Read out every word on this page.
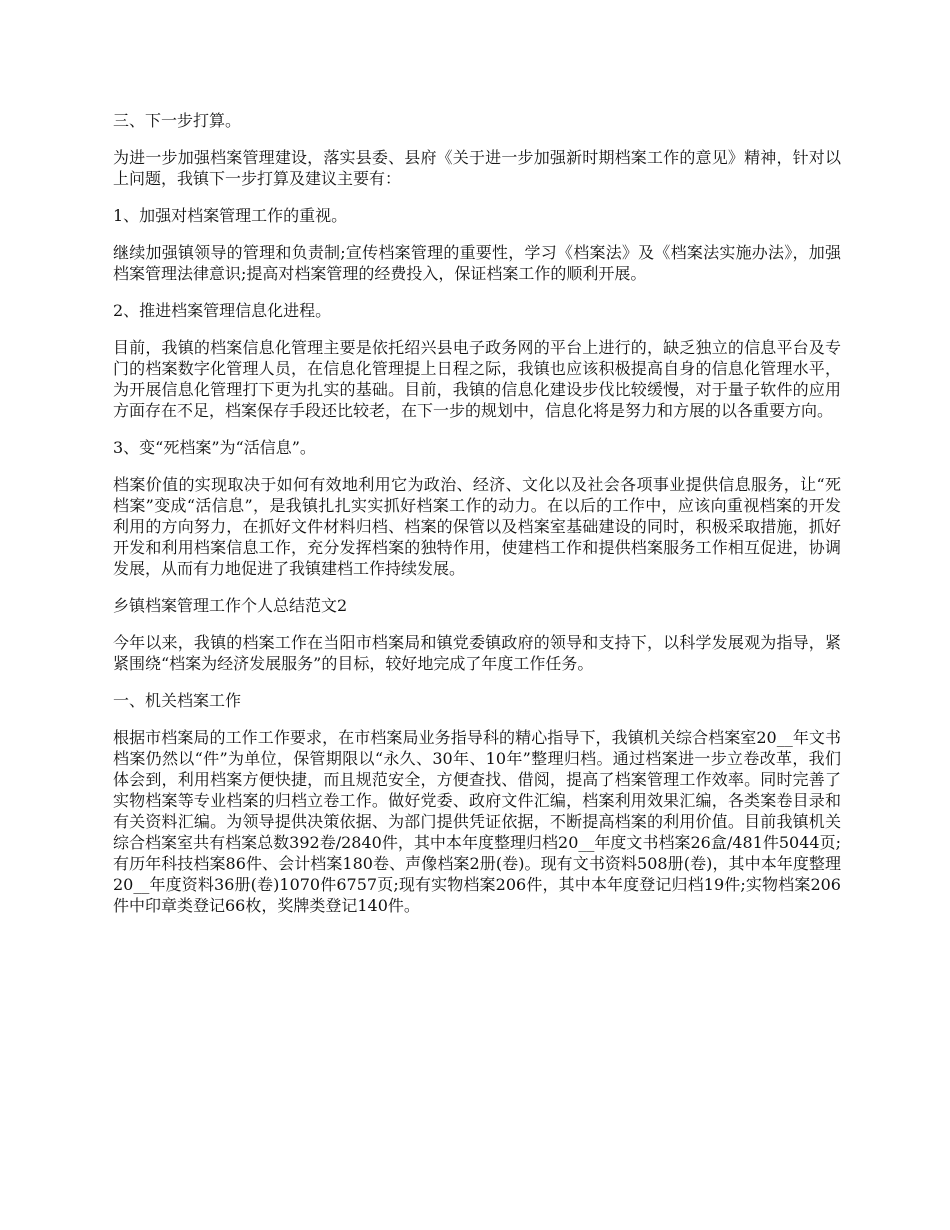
三、下一步打算。

为进一步加强档案管理建设，落实县委、县府《关于进一步加强新时期档案工作的意见》精神，针对以上问题，我镇下一步打算及建议主要有：

1、加强对档案管理工作的重视。

继续加强镇领导的管理和负责制;宣传档案管理的重要性，学习《档案法》及《档案法实施办法》，加强档案管理法律意识;提高对档案管理的经费投入，保证档案工作的顺利开展。

2、推进档案管理信息化进程。

目前，我镇的档案信息化管理主要是依托绍兴县电子政务网的平台上进行的，缺乏独立的信息平台及专门的档案数字化管理人员，在信息化管理提上日程之际，我镇也应该积极提高自身的信息化管理水平，为开展信息化管理打下更为扎实的基础。目前，我镇的信息化建设步伐比较缓慢，对于量子软件的应用方面存在不足，档案保存手段还比较老，在下一步的规划中，信息化将是努力和方展的以各重要方向。

3、变“死档案”为“活信息”。

档案价值的实现取决于如何有效地利用它为政治、经济、文化以及社会各项事业提供信息服务，让“死档案”变成“活信息”，是我镇扎扎实实抓好档案工作的动力。在以后的工作中，应该向重视档案的开发利用的方向努力，在抓好文件材料归档、档案的保管以及档案室基础建设的同时，积极采取措施，抓好开发和利用档案信息工作，充分发挥档案的独特作用，使建档工作和提供档案服务工作相互促进，协调发展，从而有力地促进了我镇建档工作持续发展。

乡镇档案管理工作个人总结范文2

今年以来，我镇的档案工作在当阳市档案局和镇党委镇政府的领导和支持下，以科学发展观为指导，紧紧围绕“档案为经济发展服务”的目标，较好地完成了年度工作任务。

一、机关档案工作

根据市档案局的工作工作要求，在市档案局业务指导科的精心指导下，我镇机关综合档案室20__年文书档案仍然以“件”为单位，保管期限以“永久、30年、10年”整理归档。通过档案进一步立卷改革，我们体会到，利用档案方便快捷，而且规范安全，方便查找、借阅，提高了档案管理工作效率。同时完善了实物档案等专业档案的归档立卷工作。做好党委、政府文件汇编，档案利用效果汇编，各类案卷目录和有关资料汇编。为领导提供决策依据、为部门提供凭证依据，不断提高档案的利用价值。目前我镇机关综合档案室共有档案总数392卷/2840件，其中本年度整理归档20__年度文书档案26盒/481件5044页;有历年科技档案86件、会计档案180卷、声像档案2册(卷)。现有文书资料508册(卷)，其中本年度整理20__年度资料36册(卷)1070件6757页;现有实物档案206件，其中本年度登记归档19件;实物档案206件中印章类登记66枚，奖牌类登记140件。
